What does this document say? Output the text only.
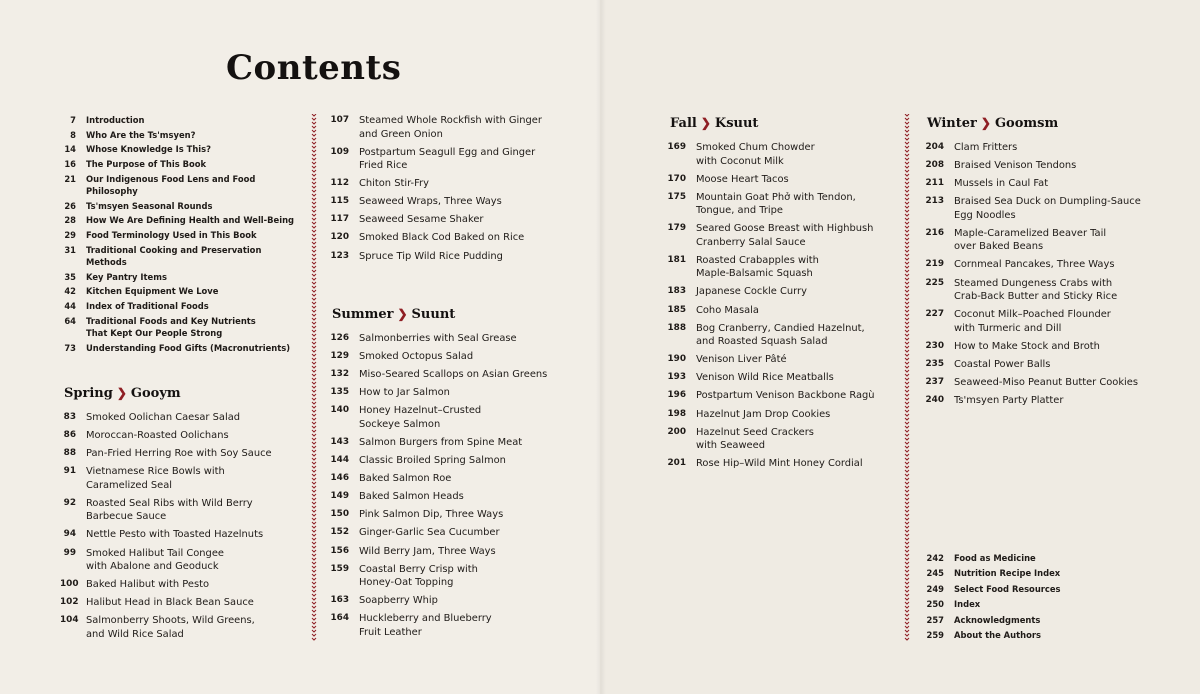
Contents
7 Introduction
8 Who Are the Ts'msyen?
14 Whose Knowledge Is This?
16 The Purpose of This Book
21 Our Indigenous Food Lens and Food
Philosophy
26 Ts'msyen Seasonal Rounds
28 How We Are Defining Health and Well-Being
29 Food Terminology Used in This Book
31 Traditional Cooking and Preservation Methods
35 Key Pantry Items
42 Kitchen Equipment We Love
44 Index of Traditional Foods
64 Traditional Foods and Key Nutrients
That Kept Our People Strong
73 Understanding Food Gifts (Macronutrients)
Spring ❯ Gooym
83 Smoked Oolichan Caesar Salad
86 Moroccan-Roasted Oolichans
88 Pan-Fried Herring Roe with Soy Sauce
91 Vietnamese Rice Bowls with
Caramelized Seal
92 Roasted Seal Ribs with Wild Berry
Barbecue Sauce
94 Nettle Pesto with Toasted Hazelnuts
99 Smoked Halibut Tail Congee
with Abalone and Geoduck
100 Baked Halibut with Pesto
102 Halibut Head in Black Bean Sauce
104 Salmonberry Shoots, Wild Greens,
and Wild Rice Salad
107 Steamed Whole Rockfish with Ginger
and Green Onion
109 Postpartum Seagull Egg and Ginger
Fried Rice
112 Chiton Stir-Fry
115 Seaweed Wraps, Three Ways
117 Seaweed Sesame Shaker
120 Smoked Black Cod Baked on Rice
123 Spruce Tip Wild Rice Pudding
Summer ❯ Suunt
126 Salmonberries with Seal Grease
129 Smoked Octopus Salad
132 Miso-Seared Scallops on Asian Greens
135 How to Jar Salmon
140 Honey Hazelnut–Crusted
Sockeye Salmon
143 Salmon Burgers from Spine Meat
144 Classic Broiled Spring Salmon
146 Baked Salmon Roe
149 Baked Salmon Heads
150 Pink Salmon Dip, Three Ways
152 Ginger-Garlic Sea Cucumber
156 Wild Berry Jam, Three Ways
159 Coastal Berry Crisp with
Honey-Oat Topping
163 Soapberry Whip
164 Huckleberry and Blueberry
Fruit Leather
Fall ❯ Ksuut
169 Smoked Chum Chowder
with Coconut Milk
170 Moose Heart Tacos
175 Mountain Goat Phở with Tendon,
Tongue, and Tripe
179 Seared Goose Breast with Highbush
Cranberry Salal Sauce
181 Roasted Crabapples with
Maple-Balsamic Squash
183 Japanese Cockle Curry
185 Coho Masala
188 Bog Cranberry, Candied Hazelnut,
and Roasted Squash Salad
190 Venison Liver Pâté
193 Venison Wild Rice Meatballs
196 Postpartum Venison Backbone Ragù
198 Hazelnut Jam Drop Cookies
200 Hazelnut Seed Crackers
with Seaweed
201 Rose Hip–Wild Mint Honey Cordial
Winter ❯ Goomsm
204 Clam Fritters
208 Braised Venison Tendons
211 Mussels in Caul Fat
213 Braised Sea Duck on Dumpling-Sauce
Egg Noodles
216 Maple-Caramelized Beaver Tail
over Baked Beans
219 Cornmeal Pancakes, Three Ways
225 Steamed Dungeness Crabs with
Crab-Back Butter and Sticky Rice
227 Coconut Milk–Poached Flounder
with Turmeric and Dill
230 How to Make Stock and Broth
235 Coastal Power Balls
237 Seaweed-Miso Peanut Butter Cookies
240 Ts'msyen Party Platter
242 Food as Medicine
245 Nutrition Recipe Index
249 Select Food Resources
250 Index
257 Acknowledgments
259 About the Authors
